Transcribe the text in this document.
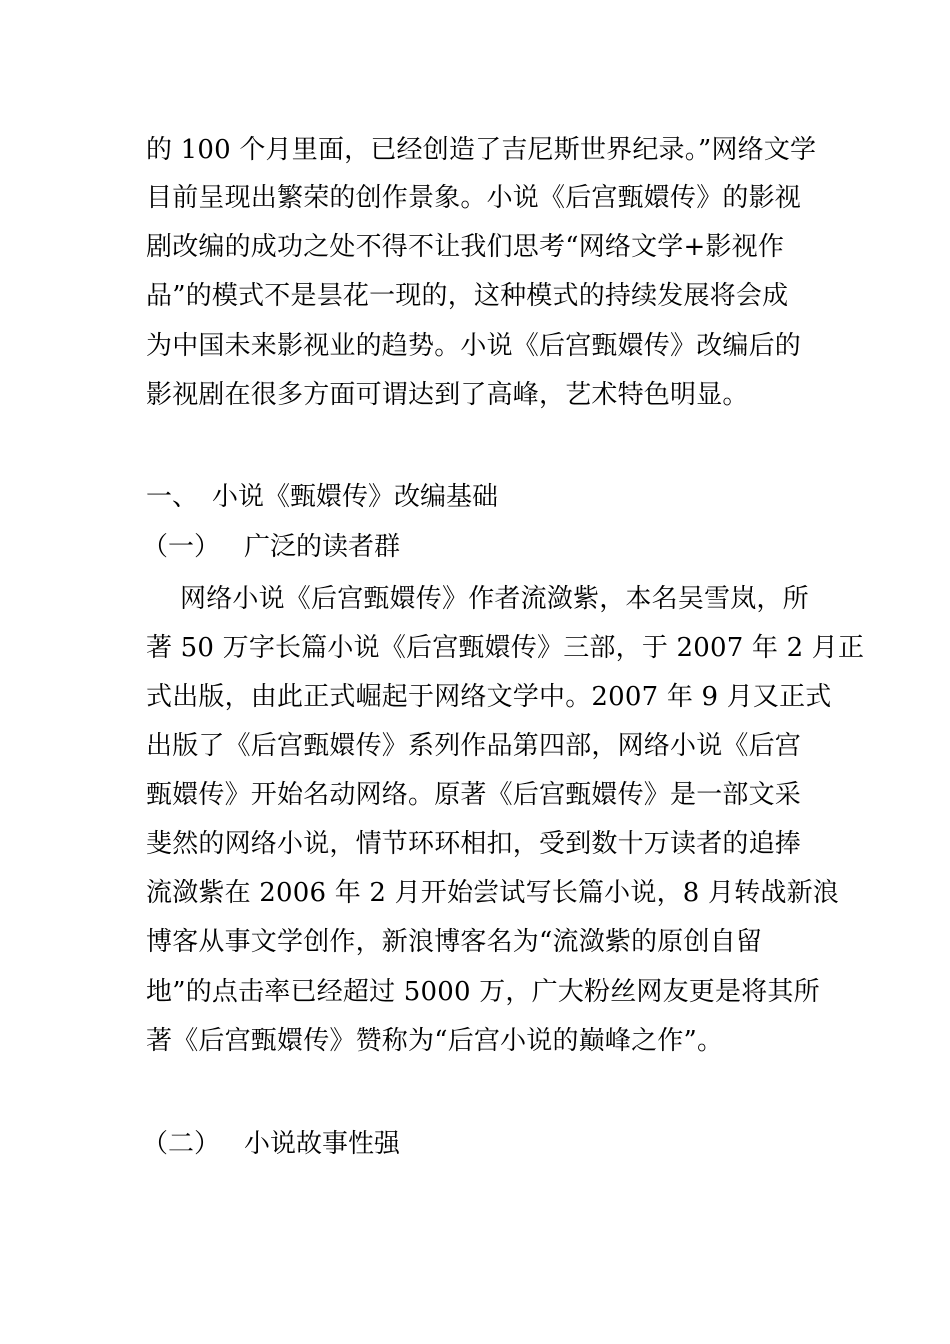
的 100 个月里面，已经创造了吉尼斯世界纪录。”网络文学
目前呈现出繁荣的创作景象。小说《后宫甄嬛传》的影视
剧改编的成功之处不得不让我们思考“网络文学+影视作
品”的模式不是昙花一现的，这种模式的持续发展将会成
为中国未来影视业的趋势。小说《后宫甄嬛传》改编后的
影视剧在很多方面可谓达到了高峰，艺术特色明显。
一、 小说《甄嬛传》改编基础
（一） 广泛的读者群
网络小说《后宫甄嬛传》作者流潋紫，本名吴雪岚，所
著 50 万字长篇小说《后宫甄嬛传》三部，于 2007 年 2 月正
式出版，由此正式崛起于网络文学中。2007 年 9 月又正式
出版了《后宫甄嬛传》系列作品第四部，网络小说《后宫
甄嬛传》开始名动网络。原著《后宫甄嬛传》是一部文采
斐然的网络小说，情节环环相扣，受到数十万读者的追捧
流潋紫在 2006 年 2 月开始尝试写长篇小说，8 月转战新浪
博客从事文学创作，新浪博客名为“流潋紫的原创自留
地”的点击率已经超过 5000 万，广大粉丝网友更是将其所
著《后宫甄嬛传》赞称为“后宫小说的巅峰之作”。
（二） 小说故事性强
